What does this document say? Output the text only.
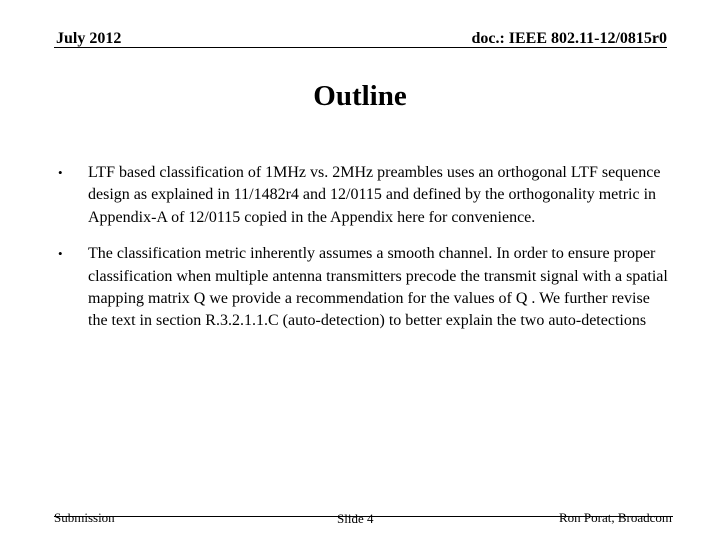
July 2012	doc.: IEEE 802.11-12/0815r0
Outline
•	LTF based classification of 1MHz vs. 2MHz preambles uses an orthogonal LTF sequence design as explained in 11/1482r4 and 12/0115 and defined by the orthogonality metric in Appendix-A of 12/0115 copied in the Appendix here for convenience.
•	The classification metric inherently assumes a smooth channel. In order to ensure proper classification when multiple antenna transmitters precode the transmit signal with a spatial mapping matrix Q we provide a recommendation for the values of Q . We further revise the text in section R.3.2.1.1.C (auto-detection) to better explain the two auto-detections
Submission	Slide 4	Ron Porat, Broadcom
